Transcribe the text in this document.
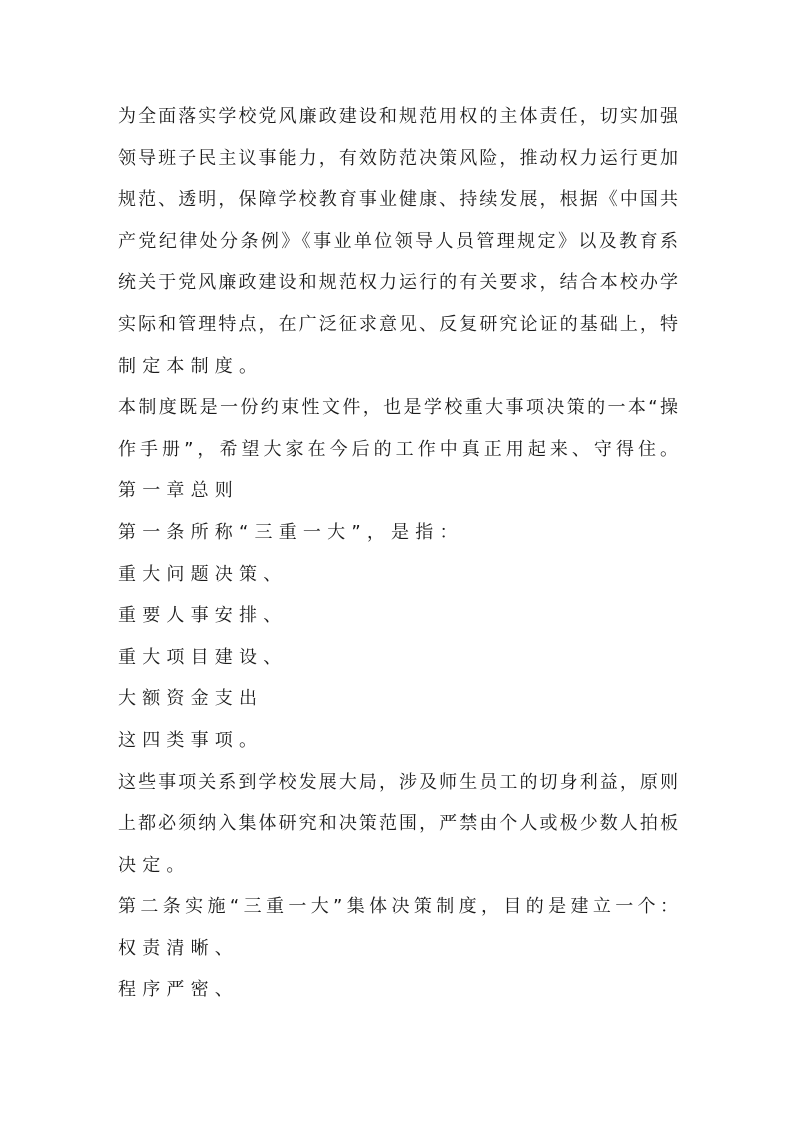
为全面落实学校党风廉政建设和规范用权的主体责任，切实加强
领导班子民主议事能力，有效防范决策风险，推动权力运行更加
规范、透明，保障学校教育事业健康、持续发展，根据《中国共
产党纪律处分条例》《事业单位领导人员管理规定》以及教育系
统关于党风廉政建设和规范权力运行的有关要求，结合本校办学
实际和管理特点，在广泛征求意见、反复研究论证的基础上，特
制定本制度。
本制度既是一份约束性文件，也是学校重大事项决策的一本“操
作手册”，希望大家在今后的工作中真正用起来、守得住。
第一章总则
第一条所称“三重一大”，是指：
重大问题决策、
重要人事安排、
重大项目建设、
大额资金支出
这四类事项。
这些事项关系到学校发展大局，涉及师生员工的切身利益，原则
上都必须纳入集体研究和决策范围，严禁由个人或极少数人拍板
决定。
第二条实施“三重一大”集体决策制度，目的是建立一个：
权责清晰、
程序严密、
